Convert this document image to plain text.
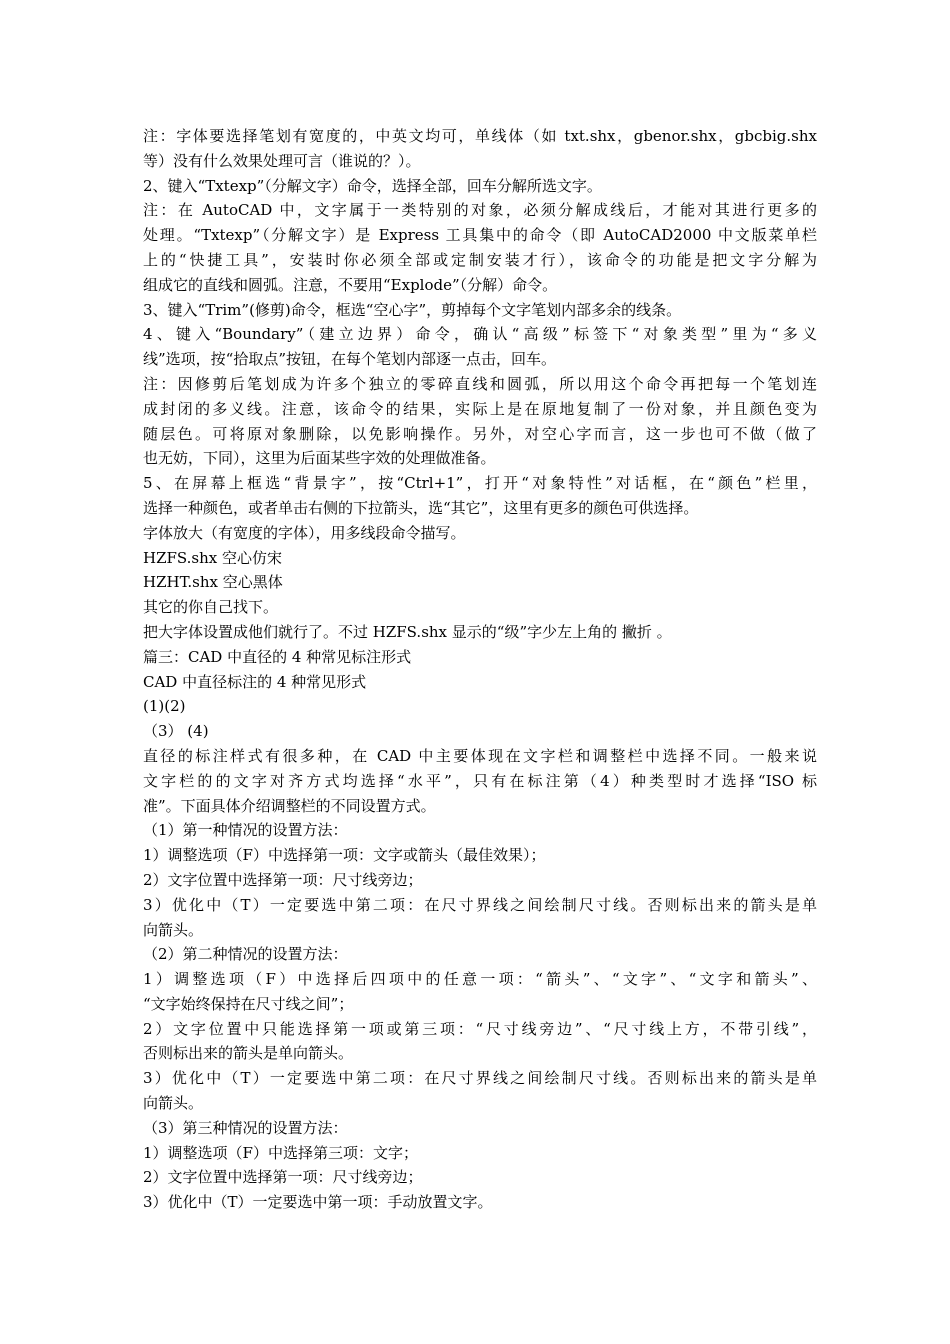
注：字体要选择笔划有宽度的，中英文均可，单线体（如 txt.shx，gbenor.shx，gbcbig.shx
等）没有什么效果处理可言（谁说的？）。
2、键入“Txtexp”（分解文字）命令，选择全部，回车分解所选文字。
注：在 AutoCAD 中，文字属于一类特别的对象，必须分解成线后，才能对其进行更多的
处理。“Txtexp”（分解文字）是 Express 工具集中的命令（即 AutoCAD2000 中文版菜单栏
上的“快捷工具”，安装时你必须全部或定制安装才行），该命令的功能是把文字分解为
组成它的直线和圆弧。注意，不要用“Explode”（分解）命令。
3、键入“Trim”(修剪)命令，框选“空心字”，剪掉每个文字笔划内部多余的线条。
4、键入“Boundary”（建立边界）命令，确认“高级”标签下“对象类型”里为“多义
线”选项，按“拾取点”按钮，在每个笔划内部逐一点击，回车。
注：因修剪后笔划成为许多个独立的零碎直线和圆弧，所以用这个命令再把每一个笔划连
成封闭的多义线。注意，该命令的结果，实际上是在原地复制了一份对象，并且颜色变为
随层色。可将原对象删除，以免影响操作。另外，对空心字而言，这一步也可不做（做了
也无妨，下同），这里为后面某些字效的处理做准备。
5、在屏幕上框选“背景字”，按“Ctrl+1”，打开“对象特性”对话框，在“颜色”栏里，
选择一种颜色，或者单击右侧的下拉箭头，选“其它”，这里有更多的颜色可供选择。
字体放大（有宽度的字体），用多线段命令描写。
HZFS.shx 空心仿宋
HZHT.shx 空心黑体
其它的你自己找下。
把大字体设置成他们就行了。不过 HZFS.shx 显示的“级”字少左上角的 撇折 。
篇三：CAD 中直径的 4 种常见标注形式
CAD 中直径标注的 4 种常见形式
(1)(2)
（3） (4)
直径的标注样式有很多种，在 CAD 中主要体现在文字栏和调整栏中选择不同。一般来说
文字栏的的文字对齐方式均选择“水平”，只有在标注第（4）种类型时才选择“ISO 标
准”。下面具体介绍调整栏的不同设置方式。
（1）第一种情况的设置方法：
1）调整选项（F）中选择第一项：文字或箭头（最佳效果）；
2）文字位置中选择第一项：尺寸线旁边；
3）优化中（T）一定要选中第二项：在尺寸界线之间绘制尺寸线。否则标出来的箭头是单
向箭头。
（2）第二种情况的设置方法：
1）调整选项（F）中选择后四项中的任意一项：“箭头”、“文字”、“文字和箭头”、
“文字始终保持在尺寸线之间”；
2）文字位置中只能选择第一项或第三项：“尺寸线旁边”、“尺寸线上方，不带引线”，
否则标出来的箭头是单向箭头。
3）优化中（T）一定要选中第二项：在尺寸界线之间绘制尺寸线。否则标出来的箭头是单
向箭头。
（3）第三种情况的设置方法：
1）调整选项（F）中选择第三项：文字；
2）文字位置中选择第一项：尺寸线旁边；
3）优化中（T）一定要选中第一项：手动放置文字。
